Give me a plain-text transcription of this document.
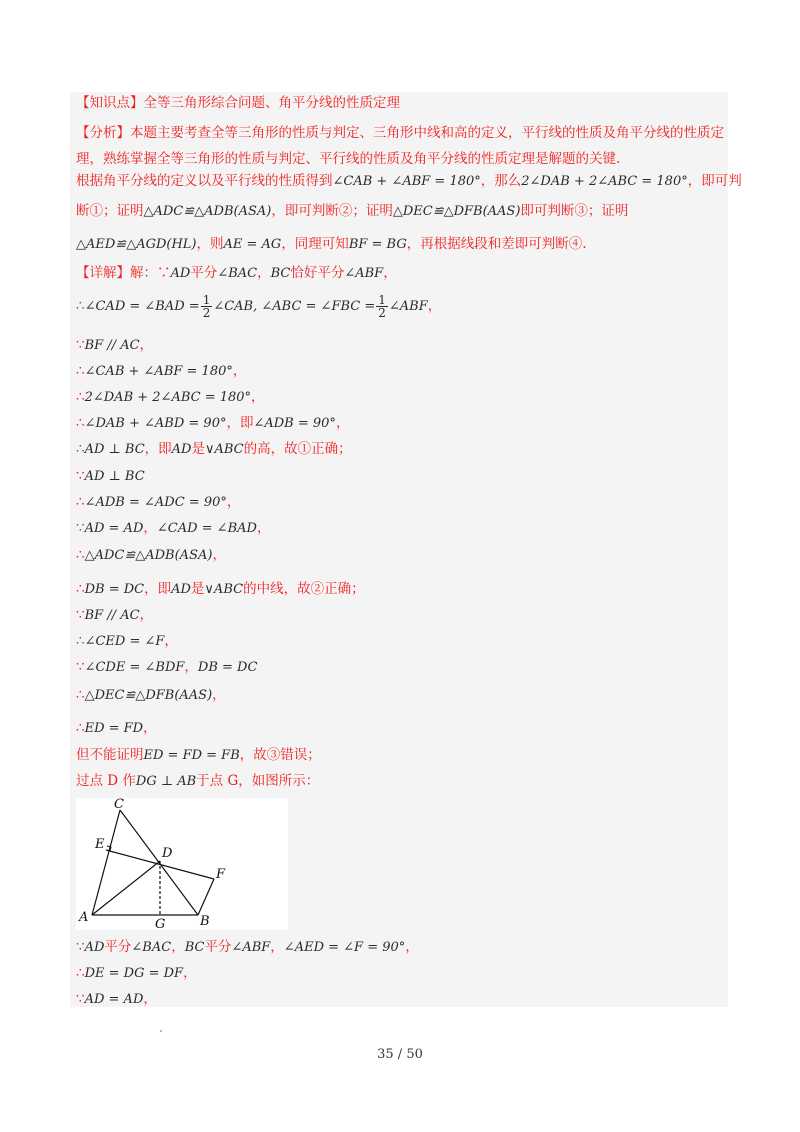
【知识点】全等三角形综合问题、角平分线的性质定理
【分析】本题主要考查全等三角形的性质与判定、三角形中线和高的定义，平行线的性质及角平分线的性质定理，熟练掌握全等三角形的性质与判定、平行线的性质及角平分线的性质定理是解题的关键.
根据角平分线的定义以及平行线的性质得到∠CAB + ∠ABF = 180°，那么2∠DAB + 2∠ABC = 180°，即可判
断①；证明△ADC≌△ADB(ASA)，即可判断②；证明△DEC≌△DFB(AAS)即可判断③；证明
△AED≌△AGD(HL)，则AE = AG，同理可知BF = BG，再根据线段和差即可判断④.
【详解】解：∵AD平分∠BAC，BC恰好平分∠ABF，
∴∠CAD = ∠BAD = $\frac{1}{2}$ ∠CAB, ∠ABC = ∠FBC = $\frac{1}{2}$ ∠ABF，
∵BF // AC，
∴∠CAB + ∠ABF = 180°，
∴2∠DAB + 2∠ABC = 180°，
∴∠DAB + ∠ABD = 90°，即∠ADB = 90°，
∴AD ⊥ BC，即AD是∨ABC的高，故①正确；
∵AD ⊥ BC
∴∠ADB = ∠ADC = 90°，
∵AD = AD，∠CAD = ∠BAD，
∴△ADC≌△ADB(ASA)，
∴DB = DC，即AD是∨ABC的中线，故②正确；
∵BF // AC，
∴∠CED = ∠F，
∵∠CDE = ∠BDF，DB = DC
∴△DEC≌△DFB(AAS)，
∴ED = FD，
但不能证明ED = FD = FB，故③错误；
过点 D 作DG ⊥ AB于点 G，如图所示：
C
E
D
F
A	G	B
∵AD平分∠BAC，BC平分∠ABF，∠AED = ∠F = 90°，
∴DE = DG = DF，
∵AD = AD，
35 / 50
